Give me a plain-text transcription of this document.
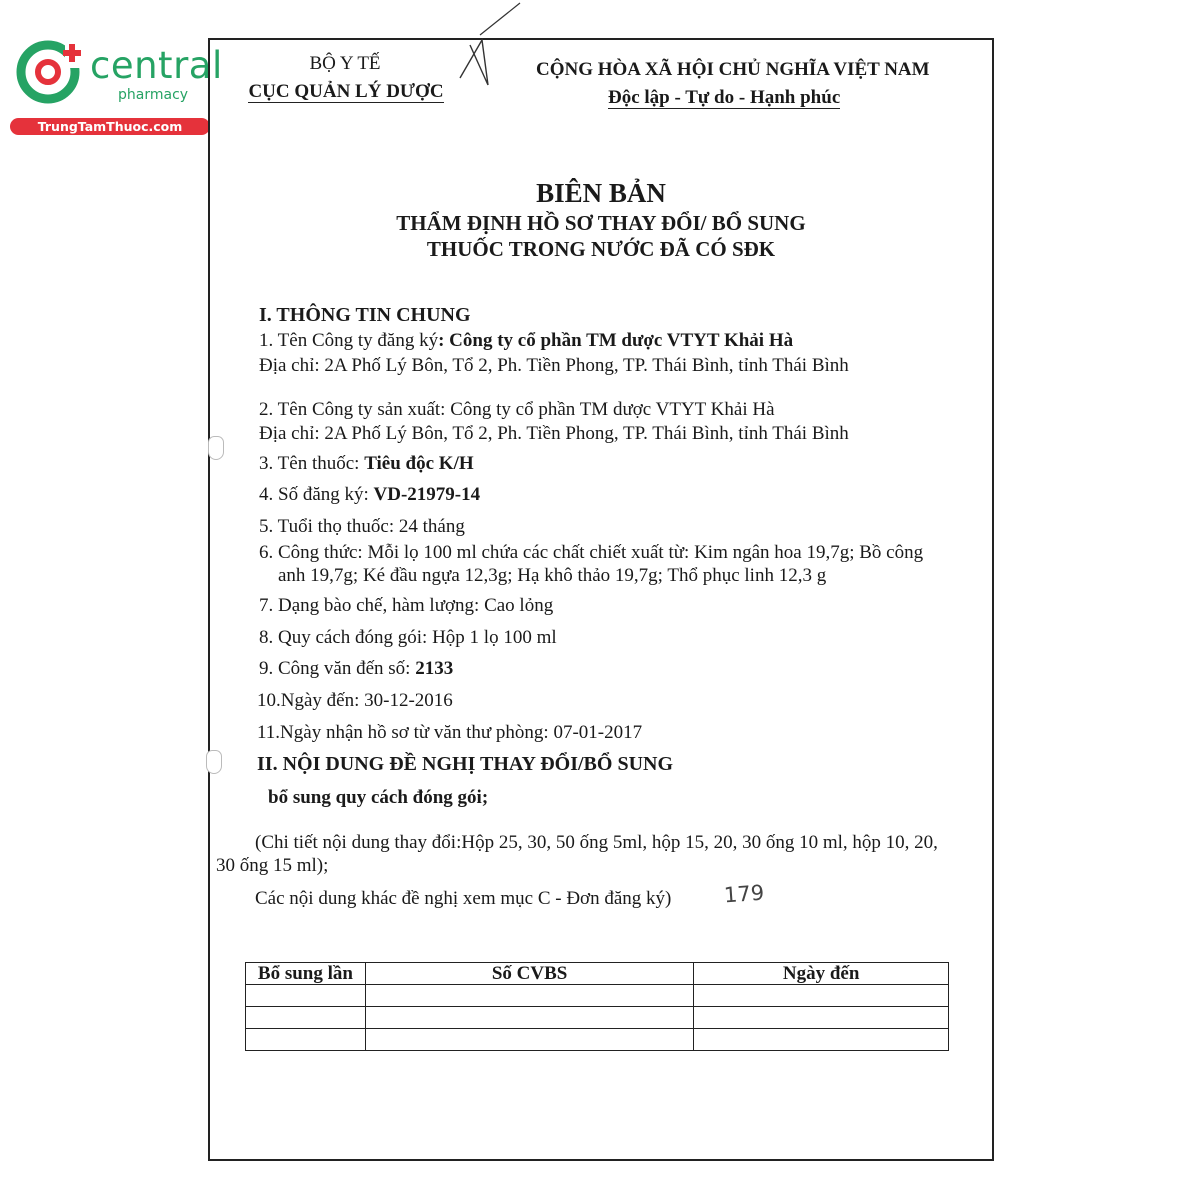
central
pharmacy
TrungTamThuoc.com
BỘ Y TẾ
CỤC QUẢN LÝ DƯỢC
CỘNG HÒA XÃ HỘI CHỦ NGHĨA VIỆT NAM
Độc lập - Tự do - Hạnh phúc
BIÊN BẢN
THẨM ĐỊNH HỒ SƠ THAY ĐỔI/ BỔ SUNG
THUỐC TRONG NƯỚC ĐÃ CÓ SĐK
I. THÔNG TIN CHUNG
1. Tên Công ty đăng ký: Công ty cổ phần TM dược VTYT Khải Hà
Địa chỉ: 2A Phố Lý Bôn, Tổ 2, Ph. Tiền Phong, TP. Thái Bình, tỉnh Thái Bình
2. Tên Công ty sản xuất: Công ty cổ phần TM dược VTYT Khải Hà
Địa chỉ: 2A Phố Lý Bôn, Tổ 2, Ph. Tiền Phong, TP. Thái Bình, tỉnh Thái Bình
3. Tên thuốc: Tiêu độc K/H
4. Số đăng ký: VD-21979-14
5. Tuổi thọ thuốc: 24 tháng
6. Công thức: Mỗi lọ 100 ml chứa các chất chiết xuất từ: Kim ngân hoa 19,7g; Bồ công
anh 19,7g; Ké đầu ngựa 12,3g; Hạ khô thảo 19,7g; Thổ phục linh 12,3 g
7. Dạng bào chế, hàm lượng: Cao lỏng
8. Quy cách đóng gói: Hộp 1 lọ 100 ml
9. Công văn đến số: 2133
10.Ngày đến: 30-12-2016
11.Ngày nhận hồ sơ từ văn thư phòng: 07-01-2017
II. NỘI DUNG ĐỀ NGHỊ THAY ĐỔI/BỔ SUNG
bổ sung quy cách đóng gói;
(Chi tiết nội dung thay đổi:Hộp 25, 30, 50 ống 5ml, hộp 15, 20, 30 ống 10 ml, hộp 10, 20,
30 ống 15 ml);
Các nội dung khác đề nghị xem mục C - Đơn đăng ký) 179
Bổ sung lần	Số CVBS	Ngày đến
